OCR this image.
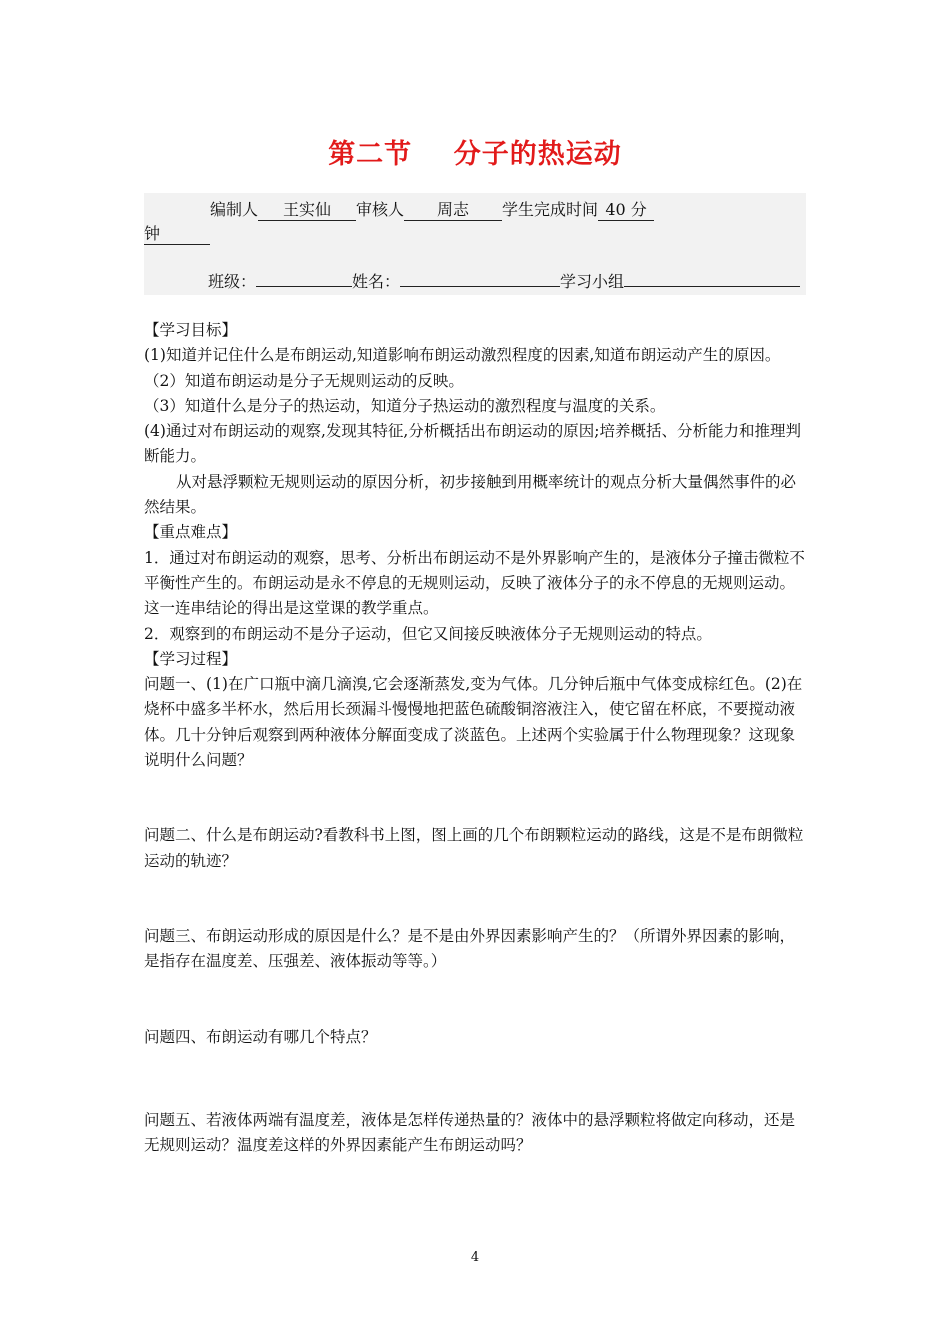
第二节    分子的热运动
编制人 王实仙 审核人 周志 学生完成时间 40 分
钟
班级：	姓名：	学习小组

【学习目标】

(1)知道并记住什么是布朗运动,知道影响布朗运动激烈程度的因素,知道布朗运动产生的原因。

（2）知道布朗运动是分子无规则运动的反映。

（3）知道什么是分子的热运动，知道分子热运动的激烈程度与温度的关系。

(4)通过对布朗运动的观察,发现其特征,分析概括出布朗运动的原因;培养概括、分析能力和推理判断能力。

从对悬浮颗粒无规则运动的原因分析，初步接触到用概率统计的观点分析大量偶然事件的必然结果。

【重点难点】

1．通过对布朗运动的观察，思考、分析出布朗运动不是外界影响产生的，是液体分子撞击微粒不平衡性产生的。布朗运动是永不停息的无规则运动，反映了液体分子的永不停息的无规则运动。这一连串结论的得出是这堂课的教学重点。

2．观察到的布朗运动不是分子运动，但它又间接反映液体分子无规则运动的特点。

【学习过程】

问题一、(1)在广口瓶中滴几滴溴,它会逐渐蒸发,变为气体。几分钟后瓶中气体变成棕红色。(2)在烧杯中盛多半杯水，然后用长颈漏斗慢慢地把蓝色硫酸铜溶液注入，使它留在杯底，不要搅动液体。几十分钟后观察到两种液体分解面变成了淡蓝色。上述两个实验属于什么物理现象？这现象说明什么问题？

问题二、什么是布朗运动?看教科书上图，图上画的几个布朗颗粒运动的路线，这是不是布朗微粒运动的轨迹？

问题三、布朗运动形成的原因是什么？是不是由外界因素影响产生的？（所谓外界因素的影响，是指存在温度差、压强差、液体振动等等。）

问题四、布朗运动有哪几个特点？

问题五、若液体两端有温度差，液体是怎样传递热量的？液体中的悬浮颗粒将做定向移动，还是无规则运动？温度差这样的外界因素能产生布朗运动吗？

4
